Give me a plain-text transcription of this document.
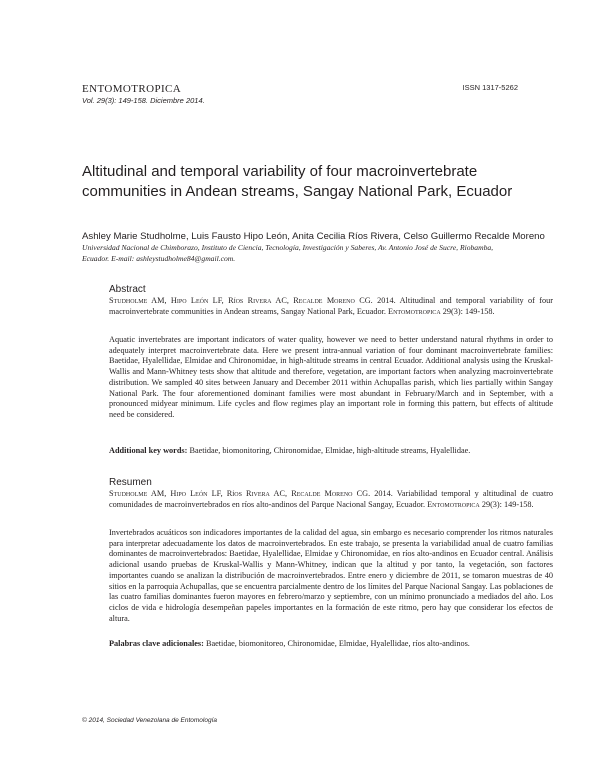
ENTOMOTROPICA
Vol. 29(3): 149-158. Diciembre 2014.
ISSN 1317-5262
Altitudinal and temporal variability of four macroinvertebrate communities in Andean streams, Sangay National Park, Ecuador
Ashley Marie Studholme, Luis Fausto Hipo León, Anita Cecilia Ríos Rivera, Celso Guillermo Recalde Moreno
Universidad Nacional de Chimborazo, Instituto de Ciencia, Tecnología, Investigación y Saberes, Av. Antonio José de Sucre, Riobamba, Ecuador. E-mail: ashleystudholme84@gmail.com.
Abstract

Studholme AM, Hipo León LF, Ríos Rivera AC, Recalde Moreno CG. 2014. Altitudinal and temporal variability of four macroinvertebrate communities in Andean streams, Sangay National Park, Ecuador. Entomotropica 29(3): 149-158.

Aquatic invertebrates are important indicators of water quality, however we need to better understand natural rhythms in order to adequately interpret macroinvertebrate data. Here we present intra-annual variation of four dominant macroinvertebrate families: Baetidae, Hyalellidae, Elmidae and Chironomidae, in high-altitude streams in central Ecuador. Additional analysis using the Kruskal-Wallis and Mann-Whitney tests show that altitude and therefore, vegetation, are important factors when analyzing macroinvertebrate distribution. We sampled 40 sites between January and December 2011 within Achupallas parish, which lies partially within Sangay National Park. The four aforementioned dominant families were most abundant in February/March and in September, with a pronounced midyear minimum. Life cycles and flow regimes play an important role in forming this pattern, but effects of altitude need be considered.

Additional key words: Baetidae, biomonitoring, Chironomidae, Elmidae, high-altitude streams, Hyalellidae.

Resumen

Studholme AM, Hipo León LF, Ríos Rivera AC, Recalde Moreno CG. 2014. Variabilidad temporal y altitudinal de cuatro comunidades de macroinvertebrados en ríos alto-andinos del Parque Nacional Sangay, Ecuador. Entomotropica 29(3): 149-158.

Invertebrados acuáticos son indicadores importantes de la calidad del agua, sin embargo es necesario comprender los ritmos naturales para interpretar adecuadamente los datos de macroinvertebrados. En este trabajo, se presenta la variabilidad anual de cuatro familias dominantes de macroinvertebrados: Baetidae, Hyalellidae, Elmidae y Chironomidae, en ríos alto-andinos en Ecuador central. Análisis adicional usando pruebas de Kruskal-Wallis y Mann-Whitney, indican que la altitud y por tanto, la vegetación, son factores importantes cuando se analizan la distribución de macroinvertebrados. Entre enero y diciembre de 2011, se tomaron muestras de 40 sitios en la parroquia Achupallas, que se encuentra parcialmente dentro de los límites del Parque Nacional Sangay. Las poblaciones de las cuatro familias dominantes fueron mayores en febrero/marzo y septiembre, con un mínimo pronunciado a mediados del año. Los ciclos de vida e hidrología desempeñan papeles importantes en la formación de este ritmo, pero hay que considerar los efectos de altura.

Palabras clave adicionales: Baetidae, biomonitoreo, Chironomidae, Elmidae, Hyalellidae, ríos alto-andinos.

© 2014, Sociedad Venezolana de Entomología
